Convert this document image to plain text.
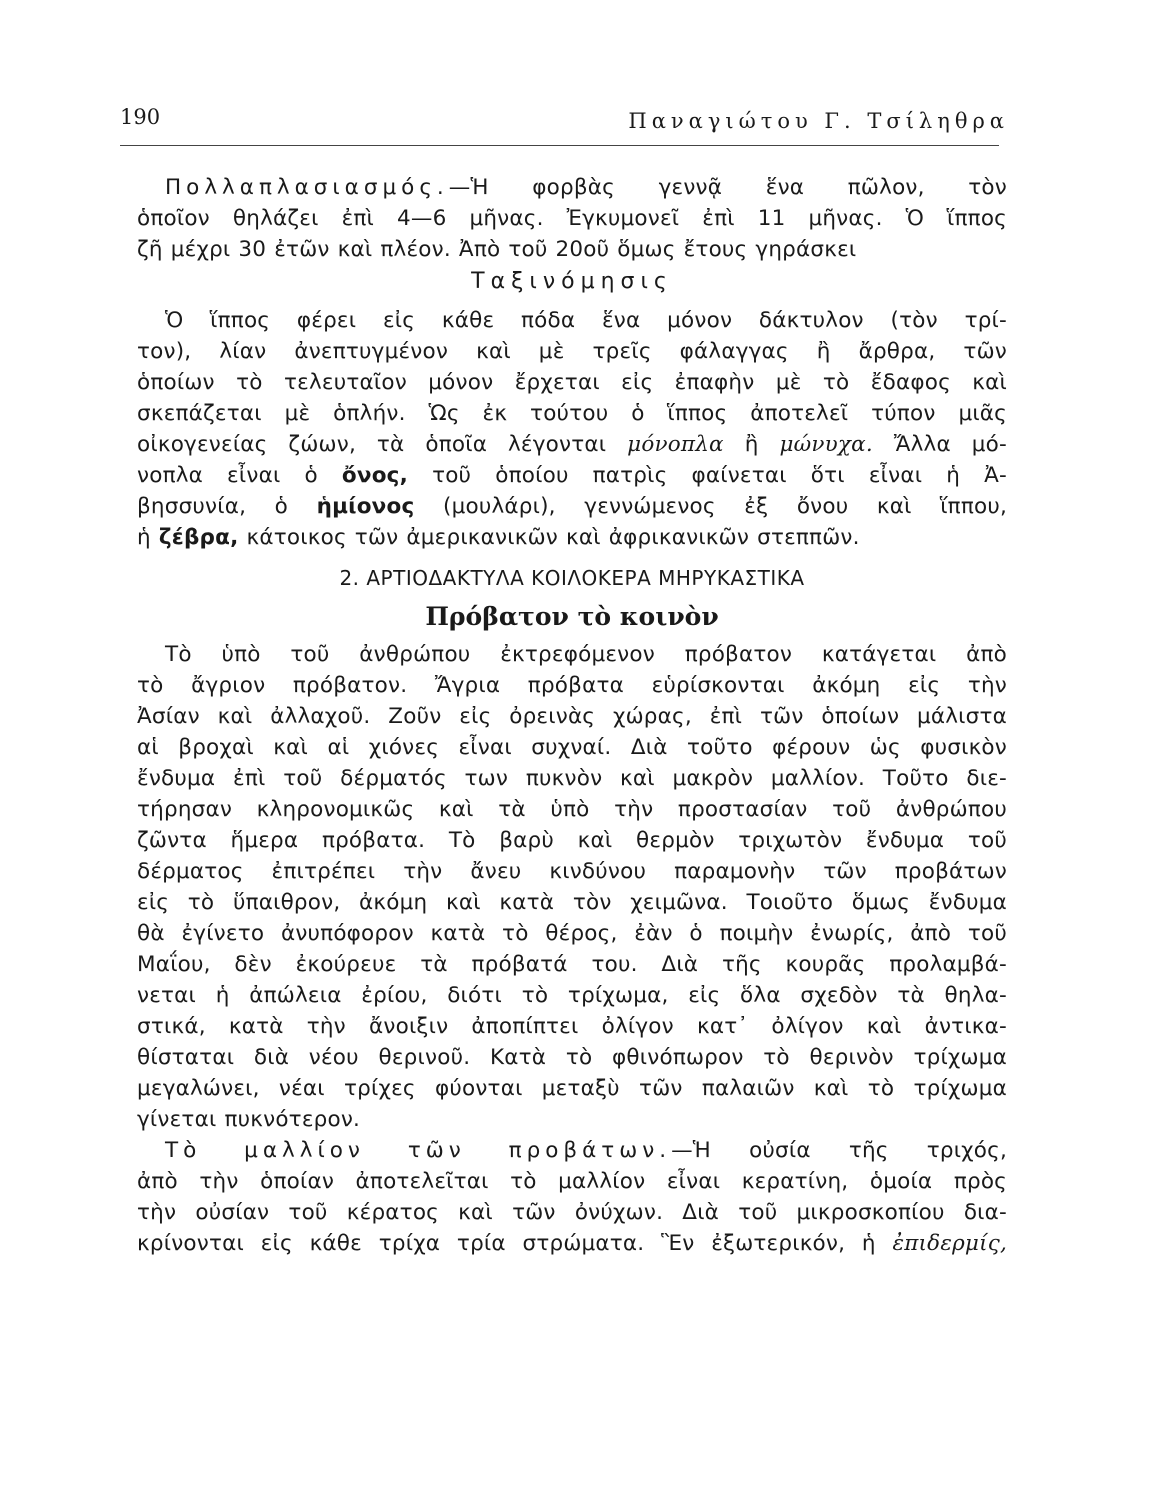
190	Παναγιώτου Γ. Τσίληθρα
Πολλαπλασιασμός.—Ἡ φορβὰς γεννᾷ ἕνα πῶλον, τὸν
ὁποῖον θηλάζει ἐπὶ 4—6 μῆνας. Ἐγκυμονεῖ ἐπὶ 11 μῆνας. Ὁ ἵππος
ζῆ μέχρι 30 ἐτῶν καὶ πλέον. Ἀπὸ τοῦ 20οῦ ὅμως ἔτους γηράσκει
Ταξινόμησις
Ὁ ἵππος φέρει εἰς κάθε πόδα ἕνα μόνον δάκτυλον (τὸν τρί-
τον), λίαν ἀνεπτυγμένον καὶ μὲ τρεῖς φάλαγγας ἢ ἄρθρα, τῶν
ὁποίων τὸ τελευταῖον μόνον ἔρχεται εἰς ἐπαφὴν μὲ τὸ ἔδαφος καὶ
σκεπάζεται μὲ ὁπλήν. Ὡς ἐκ τούτου ὁ ἵππος ἀποτελεῖ τύπον μιᾶς
οἰκογενείας ζώων, τὰ ὁποῖα λέγονται μόνοπλα ἢ μώνυχα. Ἄλλα μό-
νοπλα εἶναι ὁ ὄνος, τοῦ ὁποίου πατρὶς φαίνεται ὅτι εἶναι ἡ Ἀ-
βησσυνία, ὁ ἡμίονος (μουλάρι), γεννώμενος ἐξ ὄνου καὶ ἵππου,
ἡ ζέβρα, κάτοικος τῶν ἀμερικανικῶν καὶ ἀφρικανικῶν στεππῶν.
2. ΑΡΤΙΟΔΑΚΤΥΛΑ ΚΟΙΛΟΚΕΡΑ ΜΗΡΥΚΑΣΤΙΚΑ
Πρόβατον τὸ κοινὸν
Τὸ ὑπὸ τοῦ ἀνθρώπου ἐκτρεφόμενον πρόβατον κατάγεται ἀπὸ
τὸ ἄγριον πρόβατον. Ἄγρια πρόβατα εὑρίσκονται ἀκόμη εἰς τὴν
Ἀσίαν καὶ ἀλλαχοῦ. Ζοῦν εἰς ὀρεινὰς χώρας, ἐπὶ τῶν ὁποίων μάλιστα
αἱ βροχαὶ καὶ αἱ χιόνες εἶναι συχναί. Διὰ τοῦτο φέρουν ὡς φυσικὸν
ἔνδυμα ἐπὶ τοῦ δέρματός των πυκνὸν καὶ μακρὸν μαλλίον. Τοῦτο διε-
τήρησαν κληρονομικῶς καὶ τὰ ὑπὸ τὴν προστασίαν τοῦ ἀνθρώπου
ζῶντα ἥμερα πρόβατα. Τὸ βαρὺ καὶ θερμὸν τριχωτὸν ἔνδυμα τοῦ
δέρματος ἐπιτρέπει τὴν ἄνευ κινδύνου παραμονὴν τῶν προβάτων
εἰς τὸ ὕπαιθρον, ἀκόμη καὶ κατὰ τὸν χειμῶνα. Τοιοῦτο ὅμως ἔνδυμα
θὰ ἐγίνετο ἀνυπόφορον κατὰ τὸ θέρος, ἐὰν ὁ ποιμὴν ἐνωρίς, ἀπὸ τοῦ
Μαΐου, δὲν ἐκούρευε τὰ πρόβατά του. Διὰ τῆς κουρᾶς προλαμβά-
νεται ἡ ἀπώλεια ἐρίου, διότι τὸ τρίχωμα, εἰς ὅλα σχεδὸν τὰ θηλα-
στικά, κατὰ τὴν ἄνοιξιν ἀποπίπτει ὀλίγον κατ᾽ ὀλίγον καὶ ἀντικα-
θίσταται διὰ νέου θερινοῦ. Κατὰ τὸ φθινόπωρον τὸ θερινὸν τρίχωμα
μεγαλώνει, νέαι τρίχες φύονται μεταξὺ τῶν παλαιῶν καὶ τὸ τρίχωμα
γίνεται πυκνότερον.
Τὸ μαλλίον τῶν προβάτων.—Ἡ οὐσία τῆς τριχός,
ἀπὸ τὴν ὁποίαν ἀποτελεῖται τὸ μαλλίον εἶναι κερατίνη, ὁμοία πρὸς
τὴν οὐσίαν τοῦ κέρατος καὶ τῶν ὀνύχων. Διὰ τοῦ μικροσκοπίου δια-
κρίνονται εἰς κάθε τρίχα τρία στρώματα. Ἓν ἐξωτερικόν, ἡ ἐπιδερμίς,
